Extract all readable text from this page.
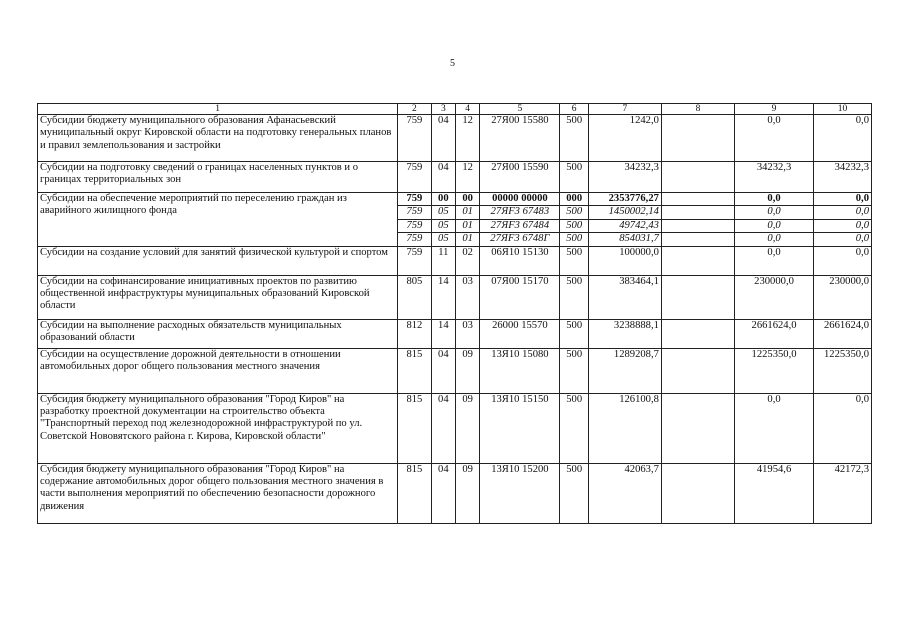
5
1	2	3	4	5	6	7	8	9	10
Субсидии бюджету муниципального образования Афанасьевский муниципальный округ Кировской области на подготовку генеральных планов и правил землепользования и застройки	759	04	12	27Я00 15580	500	1242,0		0,0	0,0
Субсидии на подготовку сведений о границах населенных пунктов и о границах территориальных зон	759	04	12	27Я00 15590	500	34232,3		34232,3	34232,3
Субсидии на обеспечение мероприятий по переселению граждан из аварийного жилищного фонда	759	00	00	00000 00000	000	2353776,27		0,0	0,0
	759	05	01	27ЯF3 67483	500	1450002,14		0,0	0,0
	759	05	01	27ЯF3 67484	500	49742,43		0,0	0,0
	759	05	01	27ЯF3 6748Г	500	854031,7		0,0	0,0
Субсидии на создание условий для занятий физической культурой и спортом	759	11	02	06Я10 15130	500	100000,0		0,0	0,0
Субсидии на софинансирование инициативных проектов по развитию общественной инфраструктуры муниципальных образований Кировской области	805	14	03	07Я00 15170	500	383464,1		230000,0	230000,0
Субсидии на выполнение расходных обязательств муниципальных образований области	812	14	03	26000 15570	500	3238888,1		2661624,0	2661624,0
Субсидии на осуществление дорожной деятельности в отношении автомобильных дорог общего пользования местного значения	815	04	09	13Я10 15080	500	1289208,7		1225350,0	1225350,0
Субсидия бюджету муниципального образования "Город Киров" на разработку проектной документации на строительство объекта "Транспортный переход под железнодорожной инфраструктурой по ул. Советской Нововятского района г. Кирова, Кировской области"	815	04	09	13Я10 15150	500	126100,8		0,0	0,0
Субсидия бюджету муниципального образования "Город Киров" на содержание автомобильных дорог общего пользования местного значения в части выполнения мероприятий по обеспечению безопасности дорожного движения	815	04	09	13Я10 15200	500	42063,7		41954,6	42172,3
